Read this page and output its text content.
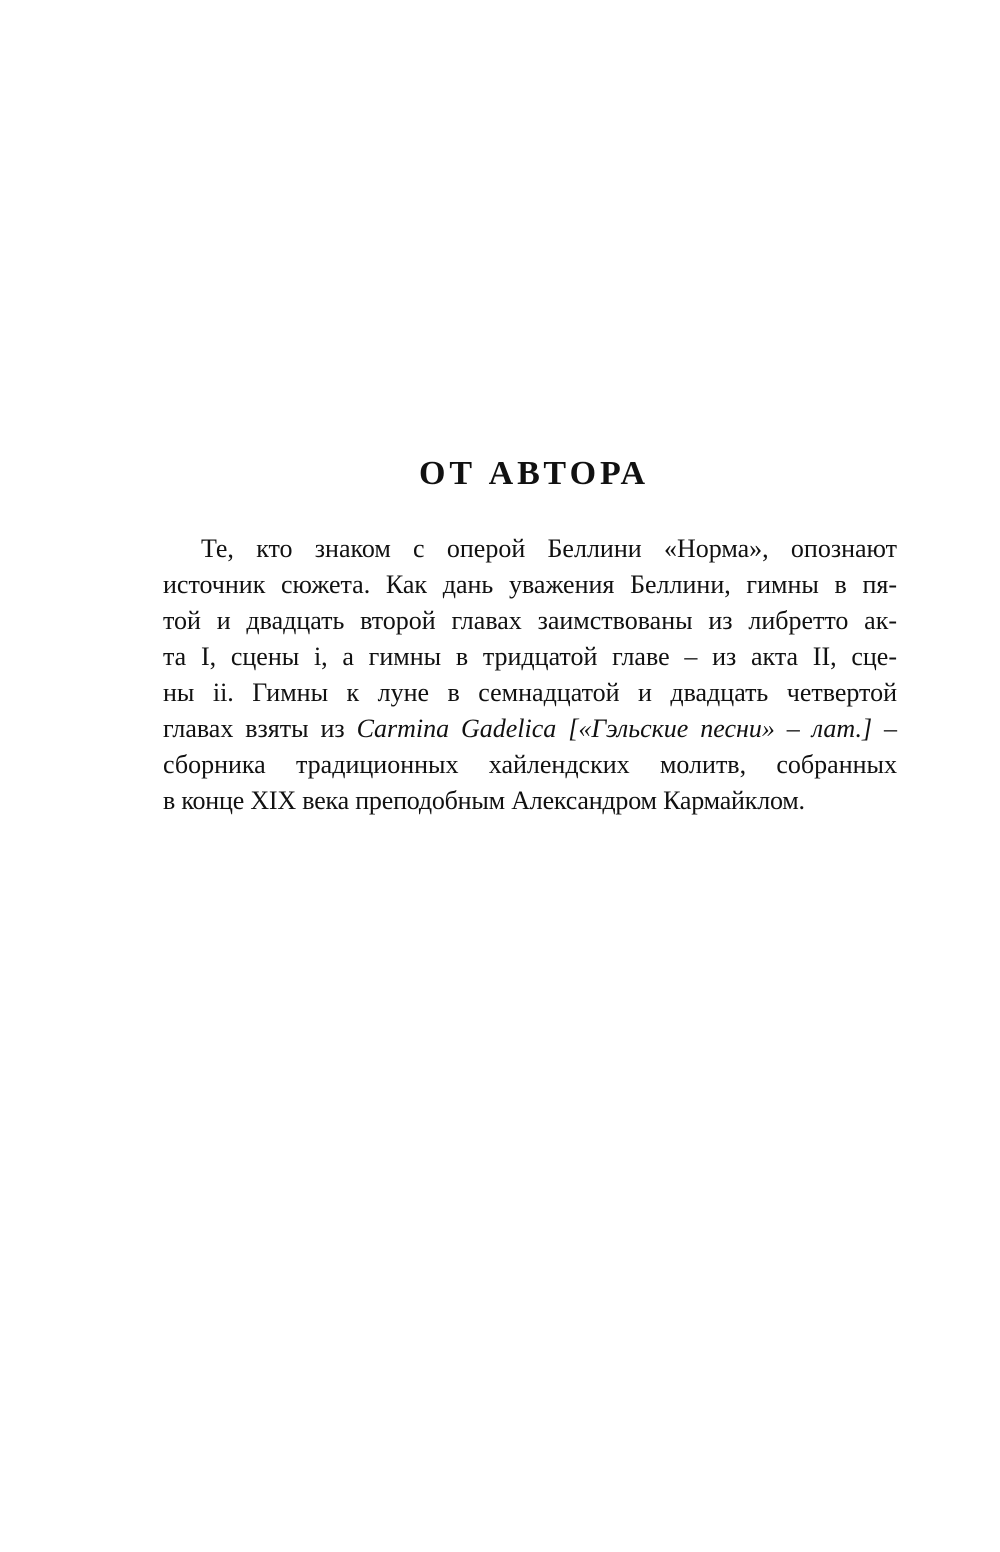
ОТ АВТОРА
Те, кто знаком с оперой Беллини «Норма», опознают
источник сюжета. Как дань уважения Беллини, гимны в пя-
той и двадцать второй главах заимствованы из либретто ак-
та I, сцены i, а гимны в тридцатой главе – из акта II, сце-
ны ii. Гимны к луне в семнадцатой и двадцать четвертой
главах взяты из Carmina Gadelica [«Гэльские песни» – лат.] –
сборника традиционных хайлендских молитв, собранных
в конце XIX века преподобным Александром Кармайклом.
